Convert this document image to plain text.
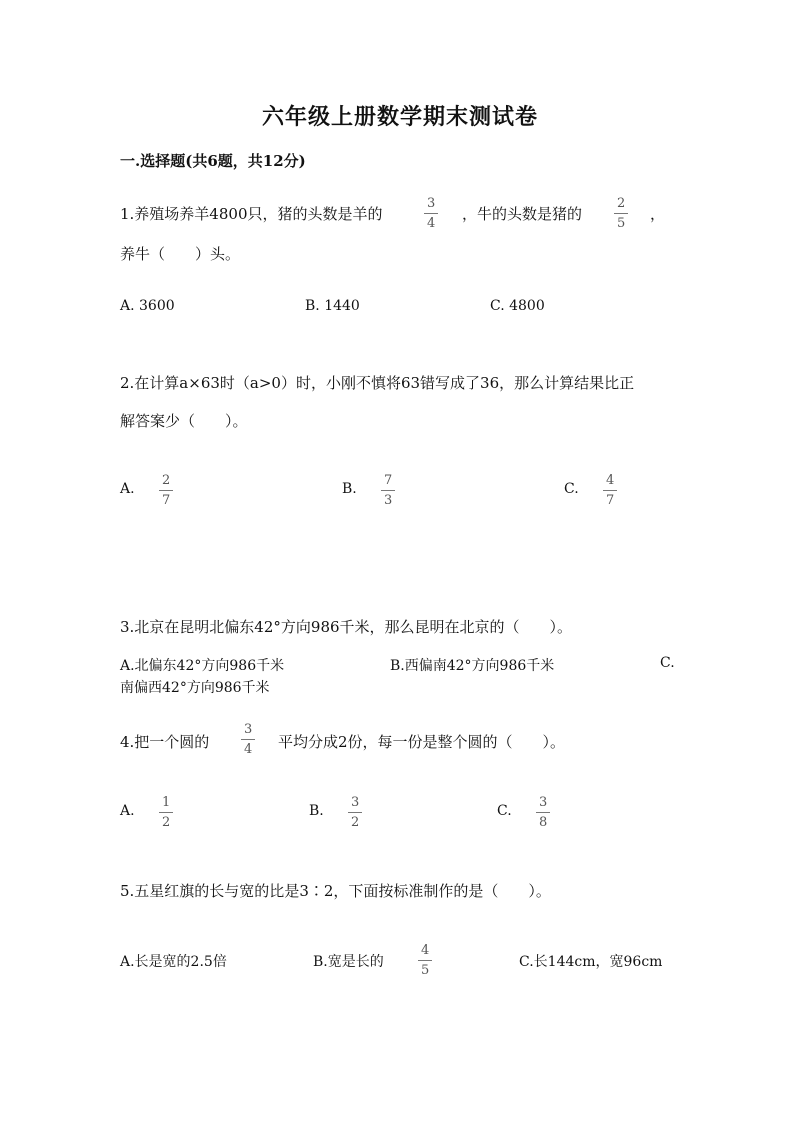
六年级上册数学期末测试卷
一.选择题(共6题，共12分)
1.养殖场养羊4800只，猪的头数是羊的	$\frac{3}{4}$ ，牛的头数是猪的 $\frac{2}{5}$ ，
养牛（　　）头。
A. 3600	B. 1440	C. 4800
2.在计算a×63时（a>0）时，小刚不慎将63错写成了36，那么计算结果比正
解答案少（　　）。
A. $\frac{2}{7}$	B. $\frac{7}{3}$	C. $\frac{4}{7}$
3.北京在昆明北偏东42°方向986千米，那么昆明在北京的（　　）。
A.北偏东42°方向986千米	B.西偏南42°方向986千米	C.
南偏西42°方向986千米
4.把一个圆的 $\frac{3}{4}$ 平均分成2份，每一份是整个圆的（　　）。
A. $\frac{1}{2}$	B. $\frac{3}{2}$	C. $\frac{3}{8}$
5.五星红旗的长与宽的比是3∶2，下面按标准制作的是（　　）。
A.长是宽的2.5倍	B.宽是长的	$\frac{4}{5}$	C.长144cm，宽96cm
